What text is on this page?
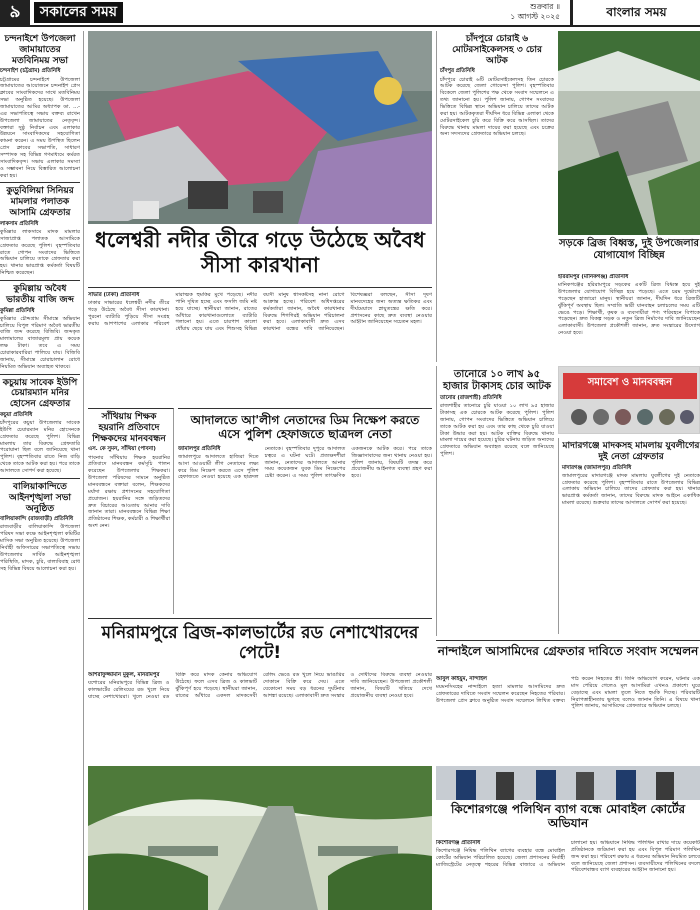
৯	সকালের সময়	শুক্রবার ॥
১ আগস্ট ২০২৫	বাংলার সময়
চন্দনাইশে উপজেলা জামায়াতের মতবিনিময় সভা
চন্দনাইশ (চট্টগ্রাম) প্রতিনিধি
চট্টগ্রামের চন্দনাইশে উপজেলা জামায়াতের আয়োজনে চন্দনাইশ প্রেস ক্লাবের সাংবাদিকদের সাথে মতবিনিময় সভা অনুষ্ঠিত হয়েছে। উপজেলা জামায়াতের আমির অধ্যাপক ডা. ...-এর সভাপতিত্বে সভায় বক্তব্য রাখেন উপজেলা জামায়াতের নেতৃবৃন্দ। বক্তারা সুষ্ঠু নির্বাচন এবং এলাকার উন্নয়নে সাংবাদিকদের সহযোগিতা কামনা করেন। এ সময় উপস্থিত ছিলেন প্রেস ক্লাবের সভাপতি, সাধারণ সম্পাদক সহ বিভিন্ন গণমাধ্যমে কর্মরত সাংবাদিকবৃন্দ। সভায় এলাকার সমস্যা ও সম্ভাবনা নিয়ে বিস্তারিত আলোচনা করা হয়।
কুড়ুবিলিয়া সিনিয়র মামলার পলাতক আসামি গ্রেফতার
লাকসাম প্রতিনিধি
কুমিল্লার লাকসামে মাদক মামলার সাজাপ্রাপ্ত পলাতক আসামিকে গ্রেফতার করেছে পুলিশ। বৃহস্পতিবার রাতে গোপন সংবাদের ভিত্তিতে অভিযান চালিয়ে তাকে গ্রেফতার করা হয়। থানার ভারপ্রাপ্ত কর্মকর্তা বিষয়টি নিশ্চিত করেছেন।
কুমিল্লায় অবৈধ ভারতীয় বাজি জব্দ
কুমিল্লা প্রতিনিধি
কুমিল্লার চৌদ্দগ্রাম সীমান্তে অভিযান চালিয়ে বিপুল পরিমাণ অবৈধ ভারতীয় বাজি জব্দ করেছে বিজিবি। জব্দকৃত মালামালের বাজারমূল্য প্রায় কয়েক লক্ষ টাকা। তবে এ সময় চোরাকারবারিরা পালিয়ে যায়। বিজিবি জানায়, সীমান্তে চোরাচালান রোধে নিয়মিত অভিযান অব্যাহত থাকবে।
কচুয়ায় সাবেক ইউপি চেয়ারম্যান মনির হোসেন গ্রেফতার
কচুয়া প্রতিনিধি
চাঁদপুরের কচুয়া উপজেলার সাবেক ইউপি চেয়ারম্যান মনির হোসেনকে গ্রেফতার করেছে পুলিশ। বিভিন্ন মামলায় তার বিরুদ্ধে গ্রেফতারি পরোয়ানা ছিল বলে জানিয়েছে থানা পুলিশ। বৃহস্পতিবার রাতে নিজ বাড়ি থেকে তাকে আটক করা হয়। পরে তাকে আদালতে সোপর্দ করা হয়েছে।
বালিয়াকান্দিতে আইনশৃঙ্খলা সভা অনুষ্ঠিত
বালিয়াকান্দি (রাজবাড়ী) প্রতিনিধি
রাজবাড়ীর বালিয়াকান্দি উপজেলা পরিষদ সভা কক্ষে আইনশৃঙ্খলা কমিটির মাসিক সভা অনুষ্ঠিত হয়েছে। উপজেলা নির্বাহী অফিসারের সভাপতিত্বে সভায় উপজেলার সার্বিক আইনশৃঙ্খলা পরিস্থিতি, মাদক, চুরি, বাল্যবিবাহ রোধ সহ বিভিন্ন বিষয়ে আলোচনা করা হয়।
ধলেশ্বরী নদীর তীরে গড়ে উঠেছে অবৈধ সীসা কারখানা
সাভার (ঢাকা) প্রতিনিধি
ঢাকার সাভারের ধলেশ্বরী নদীর তীরে গড়ে উঠেছে অবৈধ সীসা কারখানা। পুরনো ব্যাটারি পুড়িয়ে সীসা সংগ্রহ করায় আশপাশের এলাকার পরিবেশ মারাত্মক হুমকির মুখে পড়েছে। নদীর পানি দূষিত হচ্ছে এবং ফসলি জমি নষ্ট হয়ে যাচ্ছে। স্থানীয়রা জানান, রাতের আঁধারে কারখানাগুলোতে ব্যাটারি গলানো হয়। এতে চারপাশ কালো ধোঁয়ায় ছেয়ে যায় এবং শিশুসহ বিভিন্ন বয়সী মানুষ শ্বাসকষ্টসহ নানা রোগে আক্রান্ত হচ্ছে। পরিবেশ অধিদপ্তরের কর্মকর্তারা জানান, অবৈধ কারখানার বিরুদ্ধে শিগগিরই অভিযান পরিচালনা করা হবে। এলাকাবাসী দ্রুত এসব কারখানা বন্ধের দাবি জানিয়েছেন। বিশেষজ্ঞরা বলছেন, সীসা দূষণ মানবদেহের জন্য অত্যন্ত ক্ষতিকর এবং দীর্ঘমেয়াদে স্নায়ুতন্ত্রের ক্ষতি করে। প্রশাসনের কাছে দ্রুত ব্যবস্থা নেওয়ার আহ্বান জানিয়েছেন সচেতন মহল।
সাঁথিয়ায় শিক্ষক হয়রানি প্রতিবাদে শিক্ষকদের মানববন্ধন
এস. কে সুমন, সাঁথিয়া (পাবনা)
পাবনার সাঁথিয়ায় শিক্ষক হয়রানির প্রতিবাদে মানববন্ধন কর্মসূচি পালন করেছেন উপজেলার শিক্ষকরা। উপজেলা পরিষদের সামনে অনুষ্ঠিত মানববন্ধনে বক্তারা বলেন, শিক্ষকদের মর্যাদা রক্ষায় প্রশাসনের সহযোগিতা প্রয়োজন। হয়রানির সঙ্গে জড়িতদের দ্রুত বিচারের আওতায় আনার দাবি জানান তারা। মানববন্ধনে বিভিন্ন শিক্ষা প্রতিষ্ঠানের শিক্ষক, কর্মচারী ও শিক্ষার্থীরা অংশ নেন।
আদালতে আ'লীগ নেতাদের ডিম নিক্ষেপ করতে এসে পুলিশ হেফাজতে ছাত্রদল নেতা
জামালপুর প্রতিনিধি
জামালপুরে আদালতে হাজিরা দিতে আসা আওয়ামী লীগ নেতাদের লক্ষ্য করে ডিম নিক্ষেপ করতে এসে পুলিশ হেফাজতে নেওয়া হয়েছে এক ছাত্রদল নেতাকে। বৃহস্পতিবার দুপুরে আদালত চত্বরে এ ঘটনা ঘটে। প্রত্যক্ষদর্শীরা জানান, নেতাদের আদালতে আনার সময় কয়েকজন যুবক ডিম নিক্ষেপের চেষ্টা করেন। এ সময় পুলিশ তাৎক্ষণিক একজনকে আটক করে। পরে তাকে জিজ্ঞাসাবাদের জন্য থানায় নেওয়া হয়। পুলিশ জানায়, বিষয়টি তদন্ত করে প্রয়োজনীয় আইনগত ব্যবস্থা গ্রহণ করা হবে।
মনিরামপুরে ব্রিজ-কালভার্টের রড নেশাখোরদের পেটে!
আশরাফুজ্জামান মুকুল, মনিরামপুর
যশোরের মনিরামপুরে বিভিন্ন ব্রিজ ও কালভার্টের রেলিংয়ের রড খুলে নিয়ে যাচ্ছে নেশাখোররা। খুলে নেওয়া রড বিক্রি করে মাদক কেনার অভিযোগ উঠেছে। ফলে এসব ব্রিজ ও কালভার্ট ঝুঁকিপূর্ণ হয়ে পড়েছে। স্থানীয়রা জানান, রাতের আঁধারে একদল মাদকসেবী রেলিং ভেঙে রড খুলে নিয়ে ভাঙারির দোকানে বিক্রি করে দেয়। এতে যেকোনো সময় বড় ধরনের দুর্ঘটনার আশঙ্কা রয়েছে। এলাকাবাসী দ্রুত সংস্কার ও দোষীদের বিরুদ্ধে ব্যবস্থা নেওয়ার দাবি জানিয়েছেন। উপজেলা প্রকৌশলী জানান, বিষয়টি খতিয়ে দেখে প্রয়োজনীয় ব্যবস্থা নেওয়া হবে।
তানোরে ১০ লাখ ৯৫ হাজার টাকাসহ চোর আটক
তানোর (রাজশাহী) প্রতিনিধি
রাজশাহীর তানোরে চুরি যাওয়া ১০ লাখ ৯৫ হাজার টাকাসহ এক চোরকে আটক করেছে পুলিশ। পুলিশ জানায়, গোপন সংবাদের ভিত্তিতে অভিযান চালিয়ে তাকে আটক করা হয় এবং তার কাছ থেকে চুরি যাওয়া টাকা উদ্ধার করা হয়। আটক ব্যক্তির বিরুদ্ধে থানায় মামলা দায়ের করা হয়েছে। চুরির ঘটনায় জড়িত অন্যদের গ্রেফতারে অভিযান অব্যাহত রয়েছে বলে জানিয়েছে পুলিশ।
চাঁদপুরে চোরাই ৬ মোটরসাইকেলসহ ৩ চোর আটক
চাঁদপুর প্রতিনিধি
চাঁদপুরে চোরাই ৬টি মোটরসাইকেলসহ তিন চোরকে আটক করেছে জেলা গোয়েন্দা পুলিশ। বৃহস্পতিবার বিকেলে জেলা পুলিশের পক্ষ থেকে সংবাদ সম্মেলনে এ তথ্য জানানো হয়। পুলিশ জানায়, গোপন সংবাদের ভিত্তিতে বিভিন্ন স্থানে অভিযান চালিয়ে তাদের আটক করা হয়। আটককৃতরা দীর্ঘদিন ধরে বিভিন্ন এলাকা থেকে মোটরসাইকেল চুরি করে বিক্রি করে আসছিল। তাদের বিরুদ্ধে থানায় মামলা দায়ের করা হয়েছে এবং চক্রের অন্য সদস্যদের গ্রেফতারে অভিযান চলছে।
সড়কে ব্রিজ বিধ্বস্ত, দুই উপজেলার যোগাযোগ বিচ্ছিন্ন
হরিরামপুর (মানিকগঞ্জ) প্রতিনিধি
মানিকগঞ্জের হরিরামপুরে সড়কের একটি ব্রিজ বিধ্বস্ত হয়ে দুই উপজেলার যোগাযোগ বিচ্ছিন্ন হয়ে পড়েছে। এতে চরম দুর্ভোগে পড়েছেন হাজারো মানুষ। স্থানীয়রা জানান, দীর্ঘদিন ধরে ব্রিজটি ঝুঁকিপূর্ণ অবস্থায় ছিল। সম্প্রতি ভারী যানবাহন চলাচলের সময় এটি ভেঙে পড়ে। শিক্ষার্থী, কৃষক ও ব্যবসায়ীরা পণ্য পরিবহনে বিপাকে পড়েছেন। দ্রুত বিকল্প সড়ক ও নতুন ব্রিজ নির্মাণের দাবি জানিয়েছেন এলাকাবাসী। উপজেলা প্রকৌশলী জানান, দ্রুত সংস্কারের উদ্যোগ নেওয়া হবে।
সমাবেশ ও মানববন্ধন
মাদারগঞ্জে মাদকসহ মামলায় যুবলীগের দুই নেতা গ্রেফতার
মাদারগঞ্জ (জামালপুর) প্রতিনিধি
জামালপুরের মাদারগঞ্জে মাদক মামলায় যুবলীগের দুই নেতাকে গ্রেফতার করেছে পুলিশ। বৃহস্পতিবার রাতে উপজেলার বিভিন্ন এলাকায় অভিযান চালিয়ে তাদের গ্রেফতার করা হয়। থানার ভারপ্রাপ্ত কর্মকর্তা জানান, তাদের বিরুদ্ধে মাদক আইনে একাধিক মামলা রয়েছে। শুক্রবার তাদের আদালতে সোপর্দ করা হয়েছে।
নান্দাইলে আসামিদের গ্রেফতার দাবিতে সংবাদ সম্মেলন
আবুল কাইয়ুম, নান্দাইল
ময়মনসিংহের নান্দাইলে হত্যা মামলার আসামিদের দ্রুত গ্রেফতারের দাবিতে সংবাদ সম্মেলন করেছেন নিহতের পরিবার। উপজেলা প্রেস ক্লাবে অনুষ্ঠিত সংবাদ সম্মেলনে লিখিত বক্তব্য পাঠ করেন নিহতের স্ত্রী। তিনি অভিযোগ করেন, ঘটনার এক মাস পেরিয়ে গেলেও মূল আসামিরা এখনও প্রকাশ্যে ঘুরে বেড়াচ্ছে এবং মামলা তুলে নিতে হুমকি দিচ্ছে। পরিবারটি নিরাপত্তাহীনতায় ভুগছে বলেও জানান তিনি। এ বিষয়ে থানা পুলিশ জানায়, আসামিদের গ্রেফতারে অভিযান চলছে।
কিশোরগঞ্জে পলিথিন ব্যাগ বন্ধে মোবাইল কোর্টের অভিযান
কিশোরগঞ্জ প্রতিনিধি
কিশোরগঞ্জে নিষিদ্ধ পলিথিন ব্যাগের ব্যবহার বন্ধে মোবাইল কোর্টের অভিযান পরিচালিত হয়েছে। জেলা প্রশাসনের নির্বাহী ম্যাজিস্ট্রেটের নেতৃত্বে শহরের বিভিন্ন বাজারে এ অভিযান চালানো হয়। অভিযানে নিষিদ্ধ পলিথিন রাখার দায়ে কয়েকটি প্রতিষ্ঠানকে জরিমানা করা হয় এবং বিপুল পরিমাণ পলিথিন জব্দ করা হয়। পরিবেশ রক্ষায় এ ধরনের অভিযান নিয়মিত চলবে বলে জানিয়েছে জেলা প্রশাসন। ব্যবসায়ীদের পলিথিনের বদলে পরিবেশবান্ধব ব্যাগ ব্যবহারের আহ্বান জানানো হয়।
